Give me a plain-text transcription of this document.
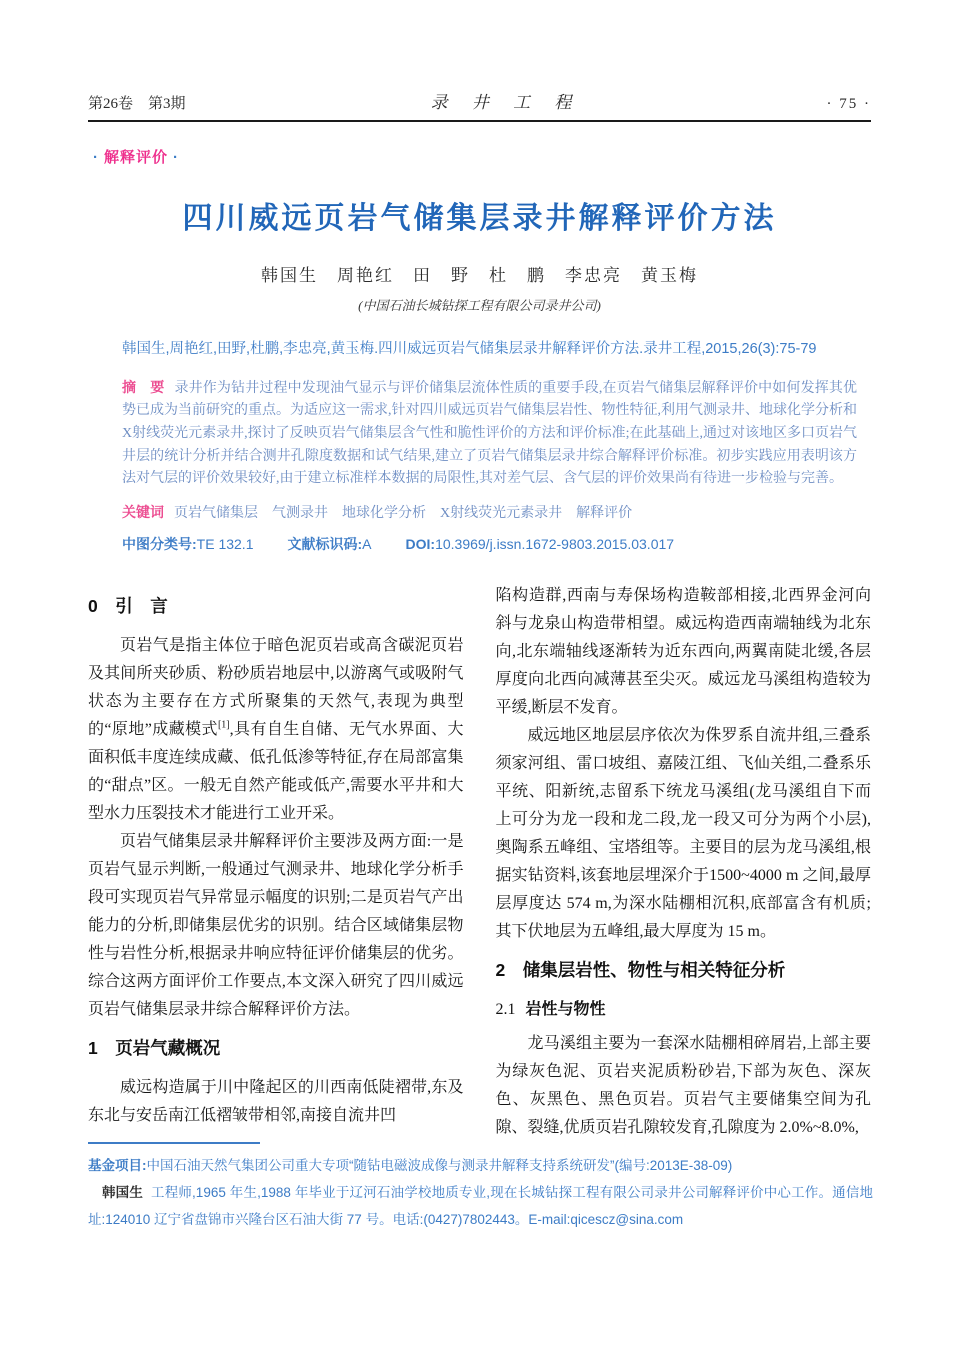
第26卷　第3期	录 井 工 程	· 75 ·
· 解释评价 ·
四川威远页岩气储集层录井解释评价方法
韩国生　周艳红　田　野　杜　鹏　李忠亮　黄玉梅
(中国石油长城钻探工程有限公司录井公司)
韩国生,周艳红,田野,杜鹏,李忠亮,黄玉梅.四川威远页岩气储集层录井解释评价方法.录井工程,2015,26(3):75-79
摘　要 录井作为钻井过程中发现油气显示与评价储集层流体性质的重要手段,在页岩气储集层解释评价中如何发挥其优势已成为当前研究的重点。为适应这一需求,针对四川威远页岩气储集层岩性、物性特征,利用气测录井、地球化学分析和X射线荧光元素录井,探讨了反映页岩气储集层含气性和脆性评价的方法和评价标准;在此基础上,通过对该地区多口页岩气井层的统计分析并结合测井孔隙度数据和试气结果,建立了页岩气储集层录井综合解释评价标准。初步实践应用表明该方法对气层的评价效果较好,由于建立标准样本数据的局限性,其对差气层、含气层的评价效果尚有待进一步检验与完善。
关键词 页岩气储集层　气测录井　地球化学分析　X射线荧光元素录井　解释评价
中图分类号:TE 132.1 文献标识码:A DOI:10.3969/j.issn.1672-9803.2015.03.017
0　引　言

页岩气是指主体位于暗色泥页岩或高含碳泥页岩及其间所夹砂质、粉砂质岩地层中,以游离气或吸附气状态为主要存在方式所聚集的天然气,表现为典型的“原地”成藏模式[1],具有自生自储、无气水界面、大面积低丰度连续成藏、低孔低渗等特征,存在局部富集的“甜点”区。一般无自然产能或低产,需要水平井和大型水力压裂技术才能进行工业开采。

页岩气储集层录井解释评价主要涉及两方面:一是页岩气显示判断,一般通过气测录井、地球化学分析手段可实现页岩气异常显示幅度的识别;二是页岩气产出能力的分析,即储集层优劣的识别。结合区域储集层物性与岩性分析,根据录井响应特征评价储集层的优劣。综合这两方面评价工作要点,本文深入研究了四川威远页岩气储集层录井综合解释评价方法。

1　页岩气藏概况

威远构造属于川中隆起区的川西南低陡褶带,东及东北与安岳南江低褶皱带相邻,南接自流井凹

陷构造群,西南与寿保场构造鞍部相接,北西界金河向斜与龙泉山构造带相望。威远构造西南端轴线为北东向,北东端轴线逐渐转为近东西向,两翼南陡北缓,各层厚度向北西向减薄甚至尖灭。威远龙马溪组构造较为平缓,断层不发育。

威远地区地层层序依次为侏罗系自流井组,三叠系须家河组、雷口坡组、嘉陵江组、飞仙关组,二叠系乐平统、阳新统,志留系下统龙马溪组(龙马溪组自下而上可分为龙一段和龙二段,龙一段又可分为两个小层),奥陶系五峰组、宝塔组等。主要目的层为龙马溪组,根据实钻资料,该套地层埋深介于1500~4000 m 之间,最厚层厚度达 574 m,为深水陆棚相沉积,底部富含有机质;其下伏地层为五峰组,最大厚度为 15 m。

2　储集层岩性、物性与相关特征分析
2.1 岩性与物性

龙马溪组主要为一套深水陆棚相碎屑岩,上部主要为绿灰色泥、页岩夹泥质粉砂岩,下部为灰色、深灰色、灰黑色、黑色页岩。页岩气主要储集空间为孔隙、裂缝,优质页岩孔隙较发育,孔隙度为 2.0%~8.0%,

基金项目:中国石油天然气集团公司重大专项“随钻电磁波成像与测录井解释支持系统研发”(编号:2013E-38-09)
韩国生 工程师,1965 年生,1988 年毕业于辽河石油学校地质专业,现在长城钻探工程有限公司录井公司解释评价中心工作。通信地址:124010 辽宁省盘锦市兴隆台区石油大街 77 号。电话:(0427)7802443。E-mail:qicescz@sina.com
